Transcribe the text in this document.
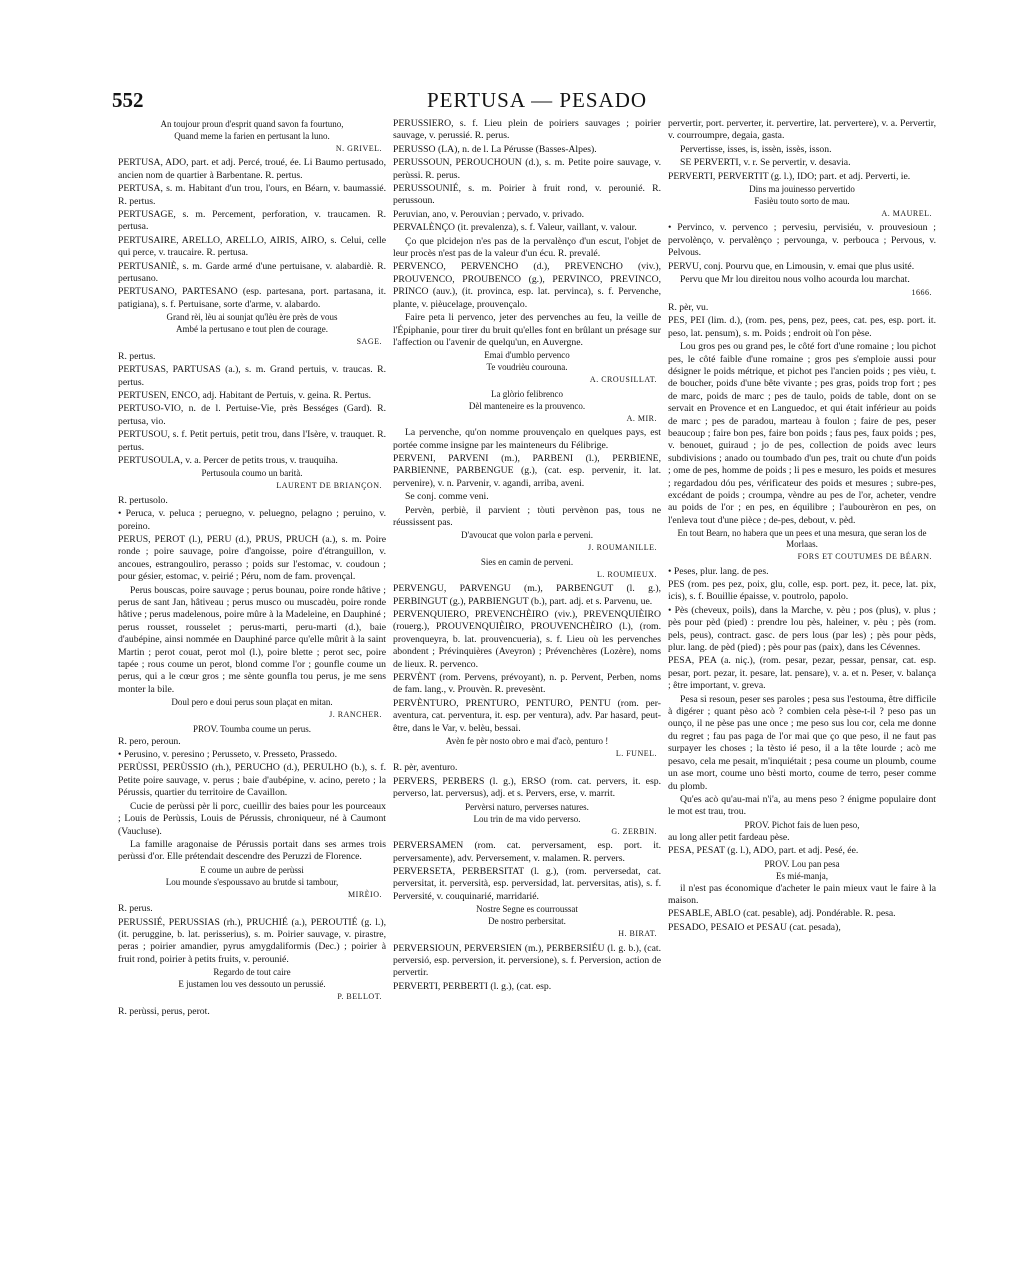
552	PERTUSA — PESADO

An toujour proun d'esprit quand savon fa fourtuno,

Quand meme la farien en pertusant la luno.

N. GRIVEL.

PERTUSA, ADO, part. et adj. Percé, troué, ée. Li Baumo pertusado, ancien nom de quartier à Barbentane. R. pertus.

PERTUSA, s. m. Habitant d'un trou, l'ours, en Béarn, v. baumassié. R. pertus.

PERTUSAGE, s. m. Percement, perforation, v. traucamen. R. pertusa.

PERTUSAIRE, ARELLO, ARELLO, AIRIS, AIRO, s. Celui, celle qui perce, v. traucaire. R. pertusa.

PERTUSANIÈ, s. m. Garde armé d'une pertuisane, v. alabardiè. R. pertusano.

PERTUSANO, PARTESANO (esp. partesana, port. partasana, it. patigiana), s. f. Pertuisane, sorte d'arme, v. alabardo.

Grand rèi, lèu ai sounjat qu'lèu ère près de vous

Ambé la pertusano e tout plen de courage.

SAGE.

R. pertus.

PERTUSAS, PARTUSAS (a.), s. m. Grand pertuis, v. traucas. R. pertus.

PERTUSEN, ENCO, adj. Habitant de Pertuis, v. geina. R. Pertus.

PERTUSO-VIO, n. de l. Pertuise-Vie, près Bességes (Gard). R. pertusa, vio.

PERTUSOU, s. f. Petit pertuis, petit trou, dans l'Isère, v. trauquet. R. pertus.

PERTUSOULA, v. a. Percer de petits trous, v. trauquiha.

Pertusoula coumo un barità.

LAURENT DE BRIANÇON.

R. pertusolo.

• Peruca, v. peluca ; peruegno, v. peluegno, pelagno ; peruino, v. poreino.

PERUS, PEROT (l.), PERU (d.), PRUS, PRUCH (a.), s. m. Poire ronde ; poire sauvage, poire d'angoisse, poire d'étranguillon, v. ancoues, estrangouliro, perasso ; poids sur l'estomac, v. coudoun ; pour gésier, estomac, v. peirié ; Péru, nom de fam. provençal.

Perus bouscas, poire sauvage ; perus bounau, poire ronde hâtive ; perus de sant Jan, hâtiveau ; perus musco ou muscadèu, poire ronde hâtive ; perus madelenous, poire mûre à la Madeleine, en Dauphiné ; perus rousset, rousselet ; perus-marti, peru-marti (d.), baie d'aubépine, ainsi nommée en Dauphiné parce qu'elle mûrit à la saint Martin ; perot couat, perot mol (l.), poire blette ; perot sec, poire tapée ; rous coume un perot, blond comme l'or ; gounfle coume un perus, qui a le cœur gros ; me sènte gounfla tou perus, je me sens monter la bile.

Doul pero e doui perus soun plaçat en mitan.

J. RANCHER.

PROV. Toumba coume un perus.

R. pero, peroun.

• Perusino, v. peresino ; Perusseto, v. Presseto, Prassedo.

PERÙSSI, PERÙSSIO (rh.), PERUCHO (d.), PERULHO (b.), s. f. Petite poire sauvage, v. perus ; baie d'aubépine, v. acino, pereto ; la Pérussis, quartier du territoire de Cavaillon.

Cucie de perùssi pèr li porc, cueillir des baies pour les pourceaux ; Louis de Perùssis, Louis de Pérussis, chroniqueur, né à Caumont (Vaucluse).

La famille aragonaise de Pérussis portait dans ses armes trois perùssi d'or. Elle prétendait descendre des Peruzzi de Florence.

E coume un aubre de perùssi

Lou mounde s'espoussavo au brutde si tambour,

MIRÈIO.

R. perus.

PERUSSIÉ, PERUSSIAS (rh.), PRUCHIÉ (a.), PEROUTIÉ (g. l.), (it. peruggine, b. lat. perisserius), s. m. Poirier sauvage, v. pirastre, peras ; poirier amandier, pyrus amygdaliformis (Dec.) ; poirier à fruit rond, poirier à petits fruits, v. perounié.

Regardo de tout caire

E justamen lou ves dessouto un perussié.

P. BELLOT.

R. perùssi, perus, perot.

PERUSSIERO, s. f. Lieu plein de poiriers sauvages ; poirier sauvage, v. perussié. R. perus.

PERUSSO (LA), n. de l. La Pérusse (Basses-Alpes).

PERUSSOUN, PEROUCHOUN (d.), s. m. Petite poire sauvage, v. perùssi. R. perus.

PERUSSOUNIÉ, s. m. Poirier à fruit rond, v. perounié. R. perussoun.

Peruvian, ano, v. Perouvian ; pervado, v. privado.

PERVALÈNÇO (it. prevalenza), s. f. Valeur, vaillant, v. valour.

Ço que plcidejon n'es pas de la pervalènço d'un escut, l'objet de leur procès n'est pas de la valeur d'un écu. R. prevalé.

PERVENCO, PERVENCHO (d.), PREVENCHO (viv.), PROUVENCO, PROUBENCO (g.), PERVINCO, PREVINCO, PRINCO (auv.), (it. provinca, esp. lat. pervinca), s. f. Pervenche, plante, v. pièucelage, prouvençalo.

Faire peta li pervenco, jeter des pervenches au feu, la veille de l'Épiphanie, pour tirer du bruit qu'elles font en brûlant un présage sur l'affection ou l'avenir de quelqu'un, en Auvergne.

Emai d'umblo pervenco

Te voudrièu courouna.

A. CROUSILLAT.

La glòrio felibrenco

Dèl manteneire es la prouvenco.

A. MIR.

La pervenche, qu'on nomme prouvençalo en quelques pays, est portée comme insigne par les mainteneurs du Félibrige.

PERVENI, PARVENI (m.), PARBENI (l.), PERBIENE, PARBIENNE, PARBENGUE (g.), (cat. esp. pervenir, it. lat. pervenire), v. n. Parvenir, v. agandi, arriba, aveni.

Se conj. comme veni.

Pervèn, perbiè, il parvient ; tòuti pervènon pas, tous ne réussissent pas.

D'avoucat que volon parla e perveni.

J. ROUMANILLE.

Sies en camin de perveni.

L. ROUMIEUX.

PERVENGU, PARVENGU (m.), PARBENGUT (l. g.), PERBINGUT (g.), PARBIENGUT (b.), part. adj. et s. Parvenu, ue.

PERVENQUIERO, PREVENCHÈIRO (viv.), PREVENQUIÈIRO (rouerg.), PROUVENQUIÈIRO, PROUVENCHÈIRO (l.), (rom. provenqueyra, b. lat. prouvencueria), s. f. Lieu où les pervenches abondent ; Prévinquières (Aveyron) ; Prévenchères (Lozère), noms de lieux. R. pervenco.

PERVÈNT (rom. Pervens, prévoyant), n. p. Pervent, Perben, noms de fam. lang., v. Prouvèn. R. prevesènt.

PERVÈNTURO, PRENTURO, PENTURO, PENTU (rom. per-aventura, cat. perventura, it. esp. per ventura), adv. Par hasard, peut-être, dans le Var, v. belèu, bessai.

Avèn fe pèr nosto obro e mai d'acò, penturo !

L. FUNEL.

R. pèr, aventuro.

PERVERS, PERBERS (l. g.), ERSO (rom. cat. pervers, it. esp. perverso, lat. perversus), adj. et s. Pervers, erse, v. marrit.

Pervèrsi naturo, perverses natures.

Lou trin de ma vido perverso.

G. ZERBIN.

PERVERSAMEN (rom. cat. perversament, esp. port. it. perversamente), adv. Perversement, v. malamen. R. pervers.

PERVERSETA, PERBERSITAT (l. g.), (rom. perversedat, cat. perversitat, it. perversità, esp. perversidad, lat. perversitas, atis), s. f. Perversité, v. couquinarié, marridarié.

Nostre Segne es courroussat

De nostro perbersitat.

H. BIRAT.

PERVERSIOUN, PERVERSIEN (m.), PERBERSIÉU (l. g. b.), (cat. perversió, esp. perversion, it. perversione), s. f. Perversion, action de pervertir.

PERVERTI, PERBERTI (l. g.), (cat. esp.

pervertir, port. perverter, it. pervertire, lat. pervertere), v. a. Pervertir, v. courroumpre, degaia, gasta.

Pervertisse, isses, is, issèn, issès, isson.

SE PERVERTI, v. r. Se pervertir, v. desavia.

PERVERTI, PERVERTIT (g. l.), IDO; part. et adj. Perverti, ie.

Dins ma jouinesso pervertido

Fasièu touto sorto de mau.

A. MAUREL.

• Pervinco, v. pervenco ; pervesiu, pervisiéu, v. prouvesioun ; pervolènço, v. pervalènço ; pervounga, v. perbouca ; Pervous, v. Pelvous.

PERVU, conj. Pourvu que, en Limousin, v. emai que plus usité.

Pervu que Mr lou direitou nous volho acourda lou marchat.

1666.

R. pèr, vu.

PES, PEI (lim. d.), (rom. pes, pens, pez, pees, cat. pes, esp. port. it. peso, lat. pensum), s. m. Poids ; endroit où l'on pèse.

Lou gros pes ou grand pes, le côté fort d'une romaine ; lou pichot pes, le côté faible d'une romaine ; gros pes s'emploie aussi pour désigner le poids métrique, et pichot pes l'ancien poids ; pes vièu, t. de boucher, poids d'une bête vivante ; pes gras, poids trop fort ; pes de marc, poids de marc ; pes de taulo, poids de table, dont on se servait en Provence et en Languedoc, et qui était inférieur au poids de marc ; pes de paradou, marteau à foulon ; faire de pes, peser beaucoup ; faire bon pes, faire bon poids ; faus pes, faux poids ; pes, v. benouet, guiraud ; jo de pes, collection de poids avec leurs subdivisions ; anado ou toumbado d'un pes, trait ou chute d'un poids ; ome de pes, homme de poids ; li pes e mesuro, les poids et mesures ; regardadou dóu pes, vérificateur des poids et mesures ; subre-pes, excédant de poids ; croumpa, vèndre au pes de l'or, acheter, vendre au poids de l'or ; en pes, en équilibre ; l'aubourèron en pes, on l'enleva tout d'une pièce ; de-pes, debout, v. pèd.

En tout Bearn, no habera que un pees et una mesura, que seran los de Morlaas.

FORS ET COUTUMES DE BÉARN.

• Peses, plur. lang. de pes.

PES (rom. pes pez, poix, glu, colle, esp. port. pez, it. pece, lat. pix, icis), s. f. Bouillie épaisse, v. poutrolo, papolo.

• Pès (cheveux, poils), dans la Marche, v. pèu ; pos (plus), v. plus ; pès pour pèd (pied) : prendre lou pès, haleiner, v. pèu ; pès (rom. pels, peus), contract. gasc. de pers lous (par les) ; pès pour pèds, plur. lang. de pèd (pied) ; pès pour pas (paix), dans les Cévennes.

PESA, PEA (a. niç.), (rom. pesar, pezar, pessar, pensar, cat. esp. pesar, port. pezar, it. pesare, lat. pensare), v. a. et n. Peser, v. balança ; être important, v. greva.

Pesa si resoun, peser ses paroles ; pesa sus l'estouma, être difficile à digérer ; quant pèso acò ? combien cela pèse-t-il ? peso pas un ounço, il ne pèse pas une once ; me peso sus lou cor, cela me donne du regret ; fau pas paga de l'or mai que ço que peso, il ne faut pas surpayer les choses ; la tèsto ié peso, il a la tête lourde ; acò me pesavo, cela me pesait, m'inquiétait ; pesa coume un ploumb, coume un ase mort, coume uno bèsti morto, coume de terro, peser comme du plomb.

Qu'es acò qu'au-mai n'i'a, au mens peso ? énigme populaire dont le mot est trau, trou.

PROV. Pichot fais de luen peso,

au long aller petit fardeau pèse.

PESA, PESAT (g. l.), ADO, part. et adj. Pesé, ée.

PROV. Lou pan pesa

Es mié-manja,

il n'est pas économique d'acheter le pain mieux vaut le faire à la maison.

PESABLE, ABLO (cat. pesable), adj. Pondérable. R. pesa.

PESADO, PESAIO et PESAU (cat. pesada),
